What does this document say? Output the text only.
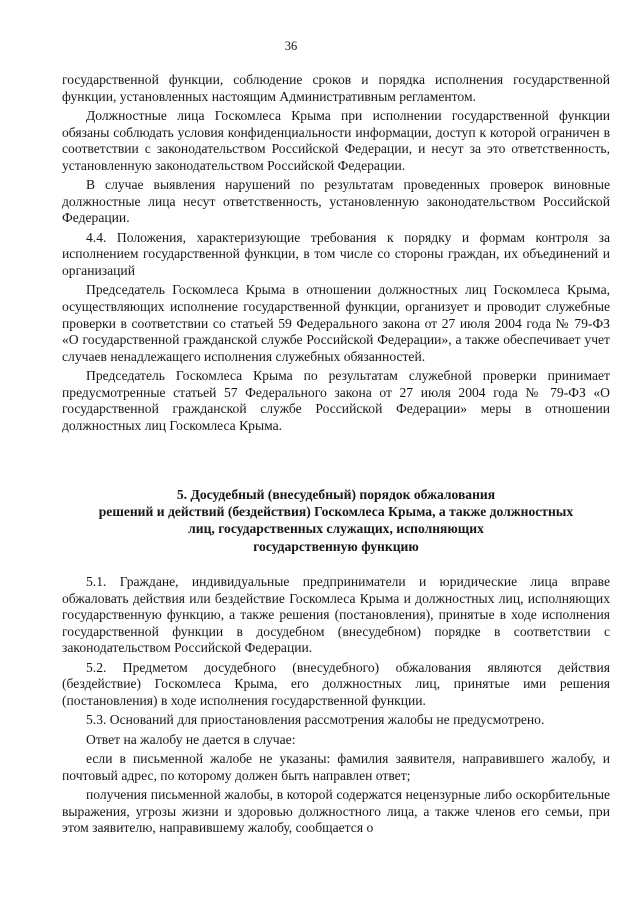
36

государственной функции, соблюдение сроков и порядка исполнения государственной функции, установленных настоящим Административным регламентом.

Должностные лица Госкомлеса Крыма при исполнении государственной функции обязаны соблюдать условия конфиденциальности информации, доступ к которой ограничен в соответствии с законодательством Российской Федерации, и несут за это ответственность, установленную законодательством Российской Федерации.

В случае выявления нарушений по результатам проведенных проверок виновные должностные лица несут ответственность, установленную законодательством Российской Федерации.

4.4. Положения, характеризующие требования к порядку и формам контроля за исполнением государственной функции, в том числе со стороны граждан, их объединений и организаций

Председатель Госкомлеса Крыма в отношении должностных лиц Госкомлеса Крыма, осуществляющих исполнение государственной функции, организует и проводит служебные проверки в соответствии со статьей 59 Федерального закона от 27 июля 2004 года № 79-ФЗ «О государственной гражданской службе Российской Федерации», а также обеспечивает учет случаев ненадлежащего исполнения служебных обязанностей.

Председатель Госкомлеса Крыма по результатам служебной проверки принимает предусмотренные статьей 57 Федерального закона от 27 июля 2004 года № 79-ФЗ «О государственной гражданской службе Российской Федерации» меры в отношении должностных лиц Госкомлеса Крыма.

5. Досудебный (внесудебный) порядок обжалования
решений и действий (бездействия) Госкомлеса Крыма, а также должностных
лиц, государственных служащих, исполняющих
государственную функцию

5.1. Граждане, индивидуальные предприниматели и юридические лица вправе обжаловать действия или бездействие Госкомлеса Крыма и должностных лиц, исполняющих государственную функцию, а также решения (постановления), принятые в ходе исполнения государственной функции в досудебном (внесудебном) порядке в соответствии с законодательством Российской Федерации.

5.2. Предметом досудебного (внесудебного) обжалования являются действия (бездействие) Госкомлеса Крыма, его должностных лиц, принятые ими решения (постановления) в ходе исполнения государственной функции.

5.3. Оснований для приостановления рассмотрения жалобы не предусмотрено.

Ответ на жалобу не дается в случае:

если в письменной жалобе не указаны: фамилия заявителя, направившего жалобу, и почтовый адрес, по которому должен быть направлен ответ;

получения письменной жалобы, в которой содержатся нецензурные либо оскорбительные выражения, угрозы жизни и здоровью должностного лица, а также членов его семьи, при этом заявителю, направившему жалобу, сообщается о
